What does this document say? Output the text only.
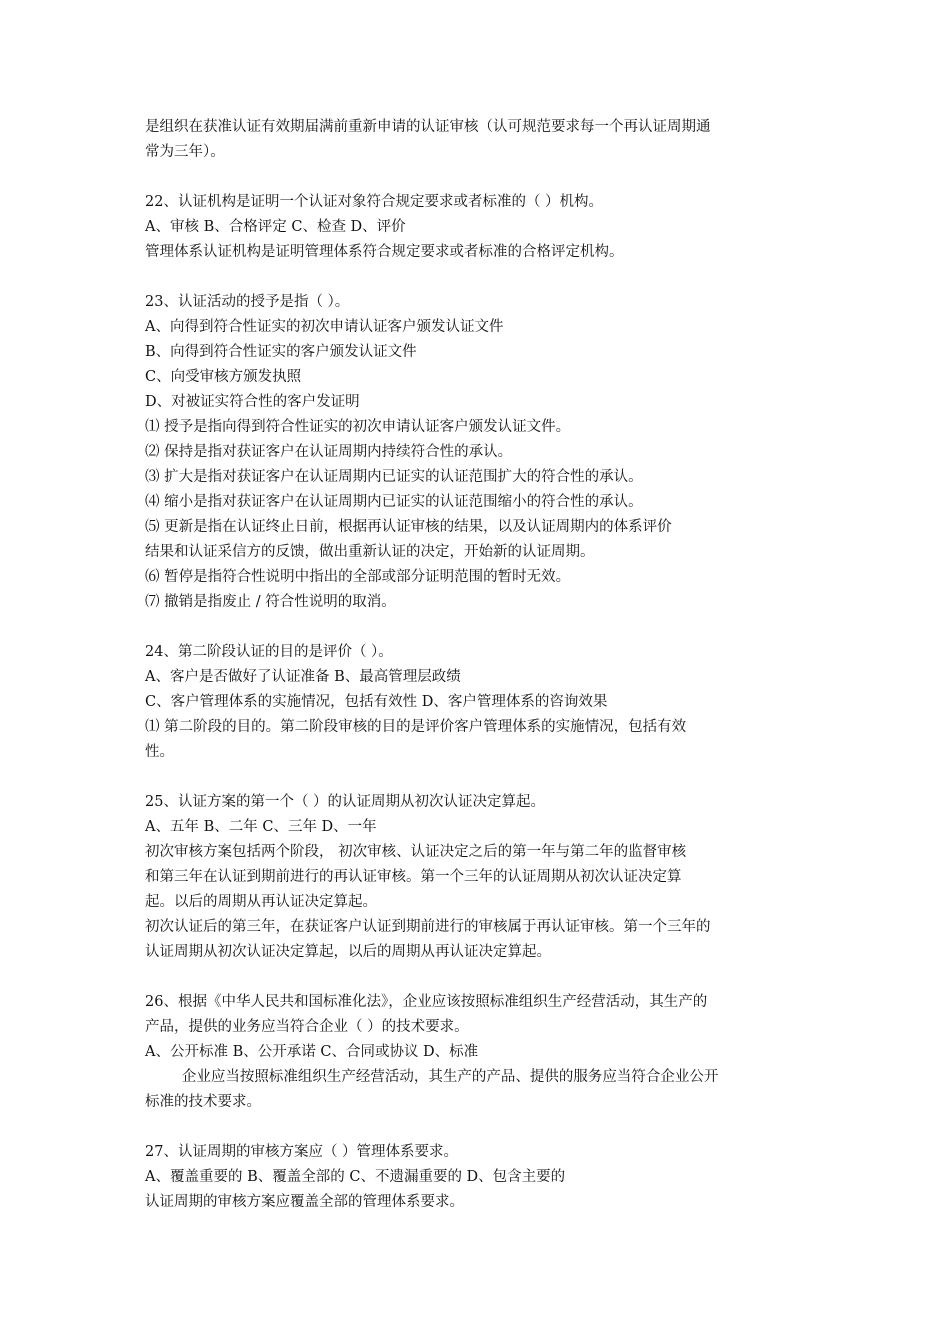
是组织在获准认证有效期届满前重新申请的认证审核（认可规范要求每一个再认证周期通
常为三年）。
22、认证机构是证明一个认证对象符合规定要求或者标准的（ ）机构。
A、审核 B、合格评定 C、检查 D、评价
管理体系认证机构是证明管理体系符合规定要求或者标准的合格评定机构。
23、认证活动的授予是指（ ）。
A、向得到符合性证实的初次申请认证客户颁发认证文件
B、向得到符合性证实的客户颁发认证文件
C、向受审核方颁发执照
D、对被证实符合性的客户发证明
⑴ 授予是指向得到符合性证实的初次申请认证客户颁发认证文件。
⑵ 保持是指对获证客户在认证周期内持续符合性的承认。
⑶ 扩大是指对获证客户在认证周期内已证实的认证范围扩大的符合性的承认。
⑷ 缩小是指对获证客户在认证周期内已证实的认证范围缩小的符合性的承认。
⑸ 更新是指在认证终止日前，根据再认证审核的结果，以及认证周期内的体系评价
结果和认证采信方的反馈，做出重新认证的决定，开始新的认证周期。
⑹ 暂停是指符合性说明中指出的全部或部分证明范围的暂时无效。
⑺ 撤销是指废止 / 符合性说明的取消。
24、第二阶段认证的目的是评价（ ）。
A、客户是否做好了认证准备 B、最高管理层政绩
C、客户管理体系的实施情况，包括有效性 D、客户管理体系的咨询效果
⑴ 第二阶段的目的。第二阶段审核的目的是评价客户管理体系的实施情况，包括有效
性。
25、认证方案的第一个（ ）的认证周期从初次认证决定算起。
A、五年 B、二年 C、三年 D、一年
初次审核方案包括两个阶段， 初次审核、认证决定之后的第一年与第二年的监督审核
和第三年在认证到期前进行的再认证审核。第一个三年的认证周期从初次认证决定算
起。以后的周期从再认证决定算起。
初次认证后的第三年，在获证客户认证到期前进行的审核属于再认证审核。第一个三年的
认证周期从初次认证决定算起，以后的周期从再认证决定算起。
26、根据《中华人民共和国标准化法》，企业应该按照标准组织生产经营活动，其生产的
产品，提供的业务应当符合企业（ ）的技术要求。
A、公开标准 B、公开承诺 C、合同或协议 D、标准
企业应当按照标准组织生产经营活动，其生产的产品、提供的服务应当符合企业公开
标准的技术要求。
27、认证周期的审核方案应（ ）管理体系要求。
A、覆盖重要的 B、覆盖全部的 C、不遗漏重要的 D、包含主要的
认证周期的审核方案应覆盖全部的管理体系要求。
